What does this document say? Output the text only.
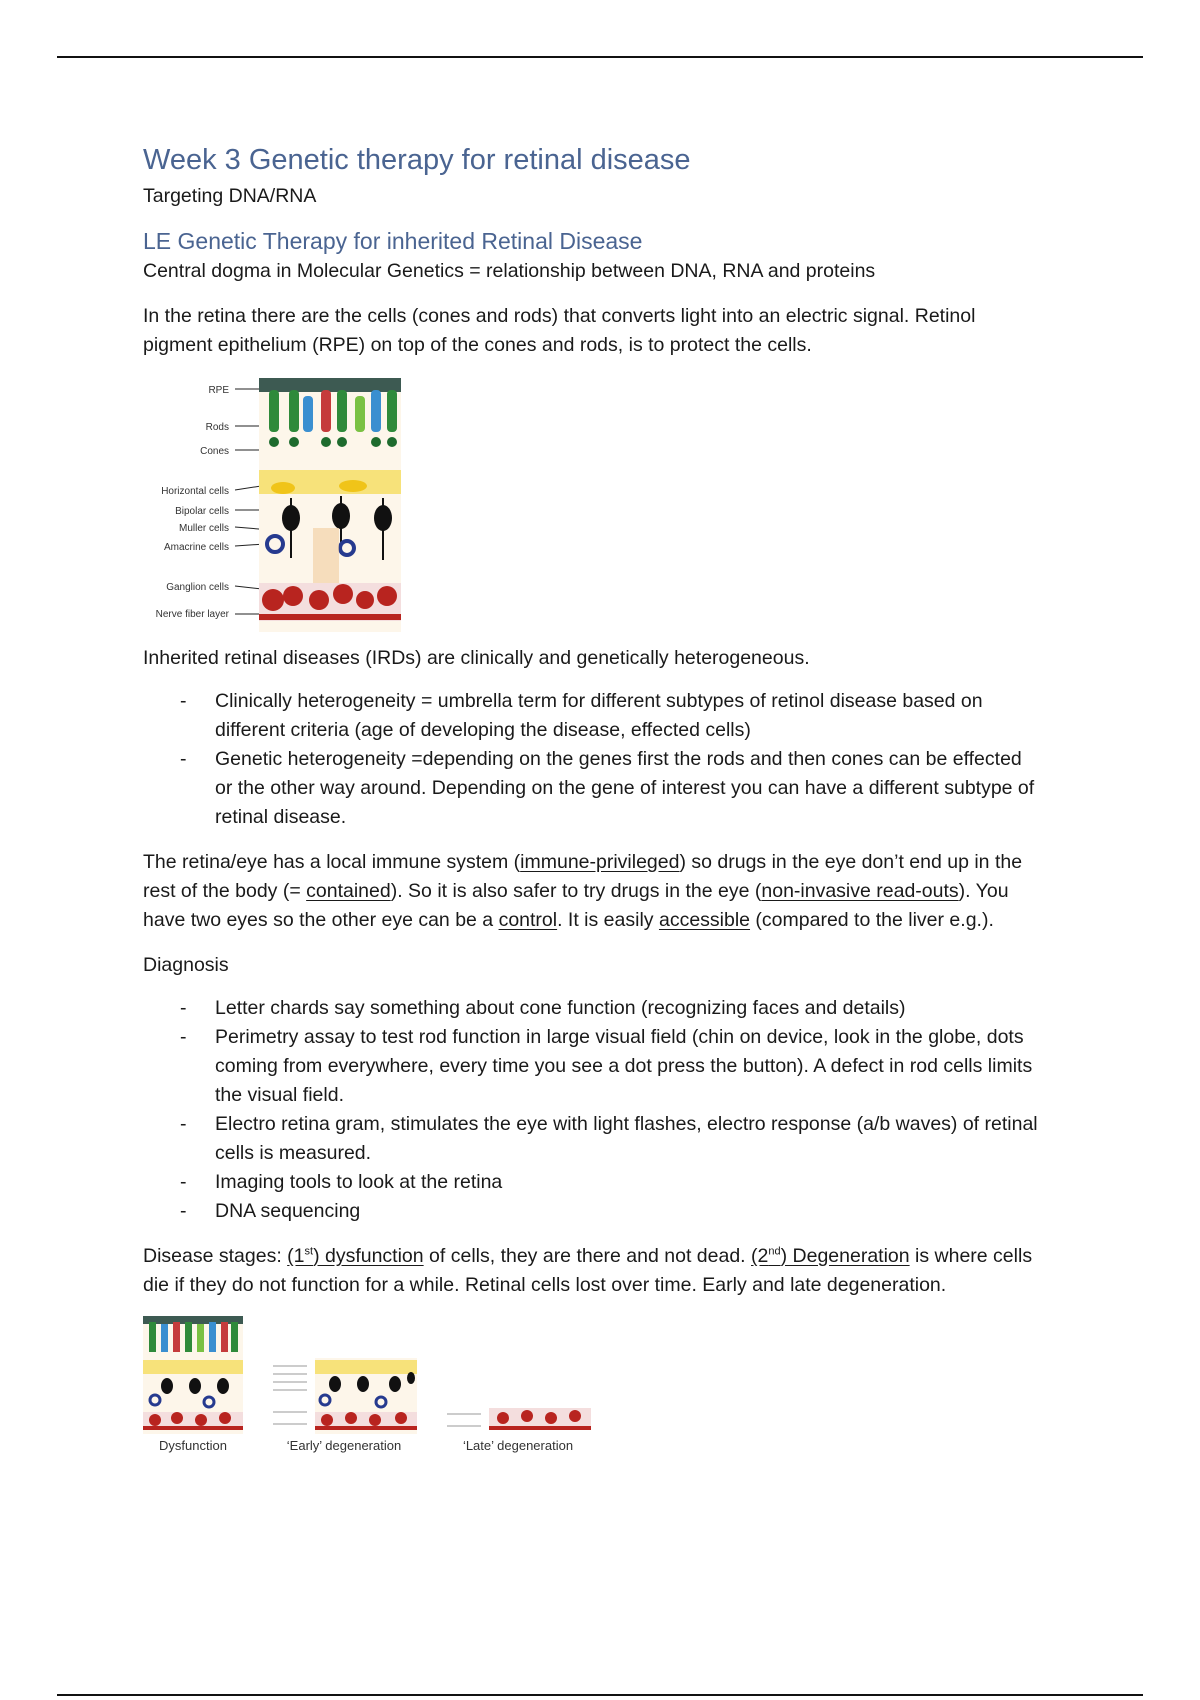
Week 3 Genetic therapy for retinal disease
Targeting DNA/RNA
LE Genetic Therapy for inherited Retinal Disease

Central dogma in Molecular Genetics = relationship between DNA, RNA and proteins

In the retina there are the cells (cones and rods) that converts light into an electric signal. Retinol pigment epithelium (RPE) on top of the cones and rods, is to protect the cells.

RPE
Rods
Cones
Horizontal cells
Bipolar cells
Muller cells
Amacrine cells
Ganglion cells
Nerve fiber layer

Inherited retinal diseases (IRDs) are clinically and genetically heterogeneous.

- Clinically heterogeneity = umbrella term for different subtypes of retinol disease based on different criteria (age of developing the disease, effected cells)
- Genetic heterogeneity =depending on the genes first the rods and then cones can be effected or the other way around. Depending on the gene of interest you can have a different subtype of retinal disease.

The retina/eye has a local immune system (immune-privileged) so drugs in the eye don’t end up in the rest of the body (= contained). So it is also safer to try drugs in the eye (non-invasive read-outs). You have two eyes so the other eye can be a control. It is easily accessible (compared to the liver e.g.).

Diagnosis

- Letter chards say something about cone function (recognizing faces and details)
- Perimetry assay to test rod function in large visual field (chin on device, look in the globe, dots coming from everywhere, every time you see a dot press the button). A defect in rod cells limits the visual field.
- Electro retina gram, stimulates the eye with light flashes, electro response (a/b waves) of retinal cells is measured.
- Imaging tools to look at the retina
- DNA sequencing

Disease stages: (1st) dysfunction of cells, they are there and not dead. (2nd) Degeneration is where cells die if they do not function for a while. Retinal cells lost over time. Early and late degeneration.

Dysfunction	‘Early’ degeneration	‘Late’ degeneration
